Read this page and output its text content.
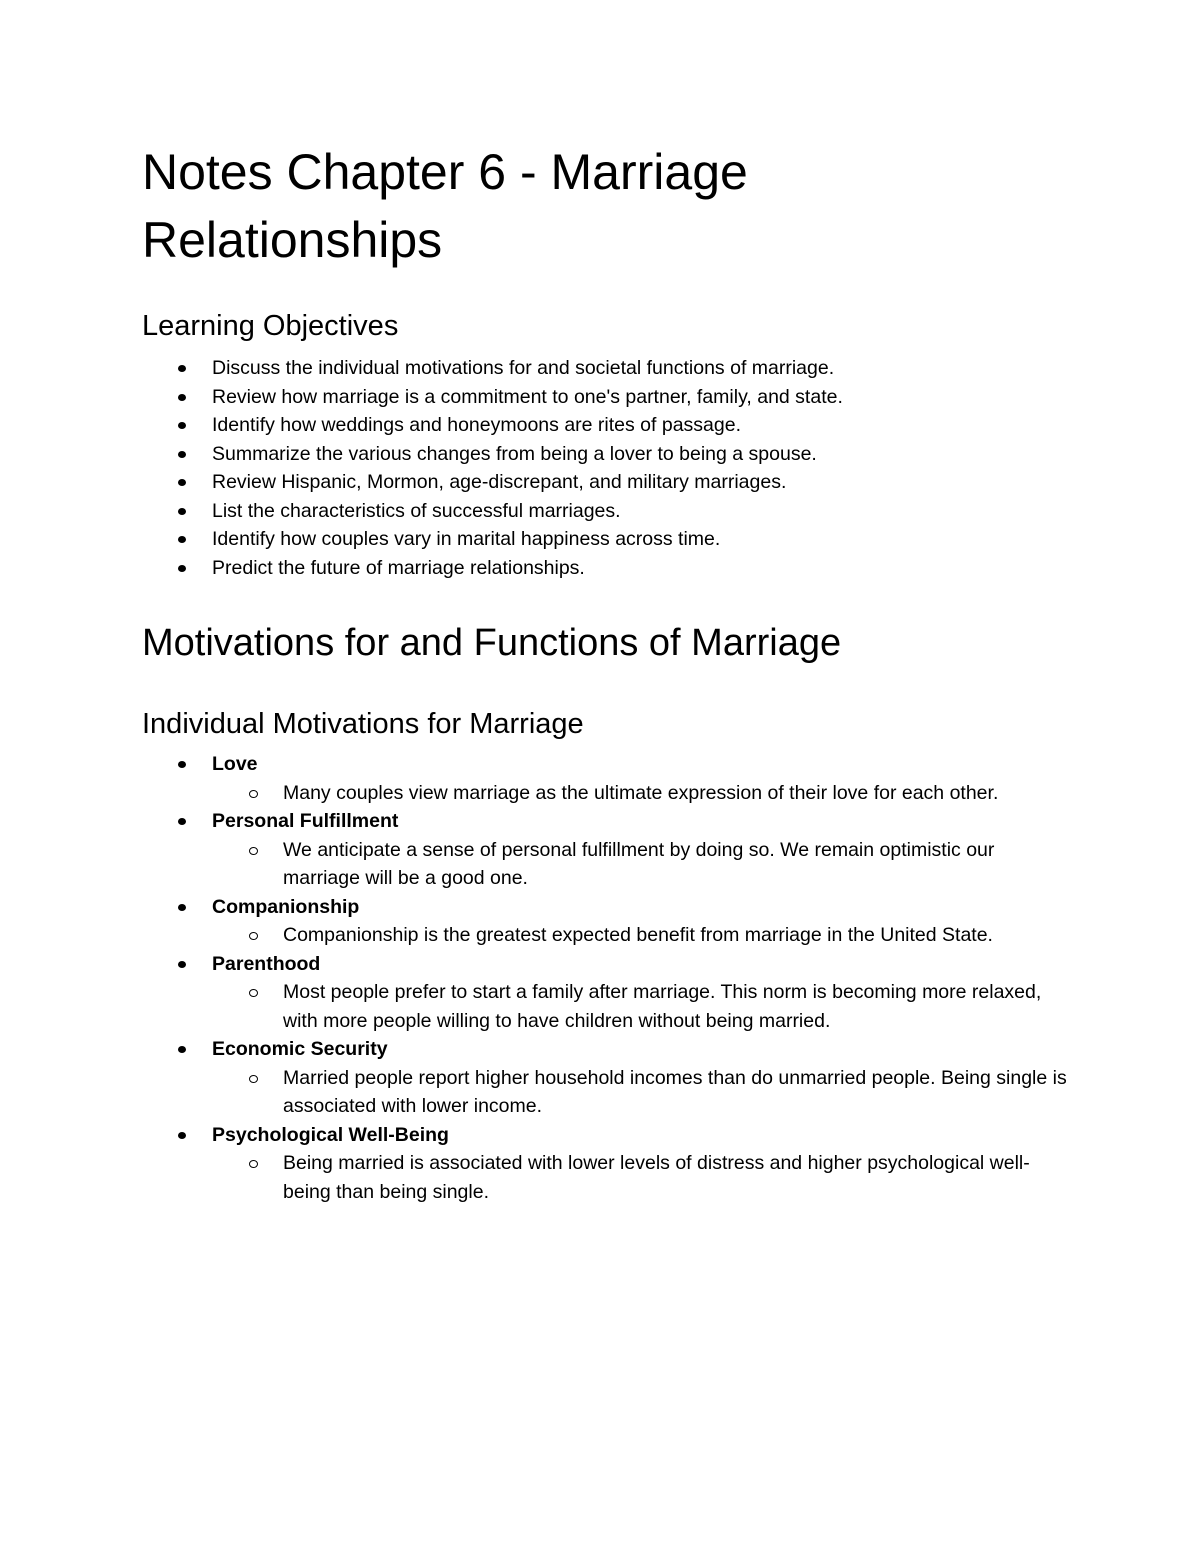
Notes Chapter 6 - Marriage
Relationships
Learning Objectives
Discuss the individual motivations for and societal functions of marriage.
Review how marriage is a commitment to one's partner, family, and state.
Identify how weddings and honeymoons are rites of passage.
Summarize the various changes from being a lover to being a spouse.
Review Hispanic, Mormon, age-discrepant, and military marriages.
List the characteristics of successful marriages.
Identify how couples vary in marital happiness across time.
Predict the future of marriage relationships.
Motivations for and Functions of Marriage
Individual Motivations for Marriage
Love
Many couples view marriage as the ultimate expression of their love for each other.
Personal Fulfillment
We anticipate a sense of personal fulfillment by doing so. We remain optimistic our marriage will be a good one.
Companionship
Companionship is the greatest expected benefit from marriage in the United State.
Parenthood
Most people prefer to start a family after marriage. This norm is becoming more relaxed, with more people willing to have children without being married.
Economic Security
Married people report higher household incomes than do unmarried people. Being single is associated with lower income.
Psychological Well-Being
Being married is associated with lower levels of distress and higher psychological well-being than being single.
